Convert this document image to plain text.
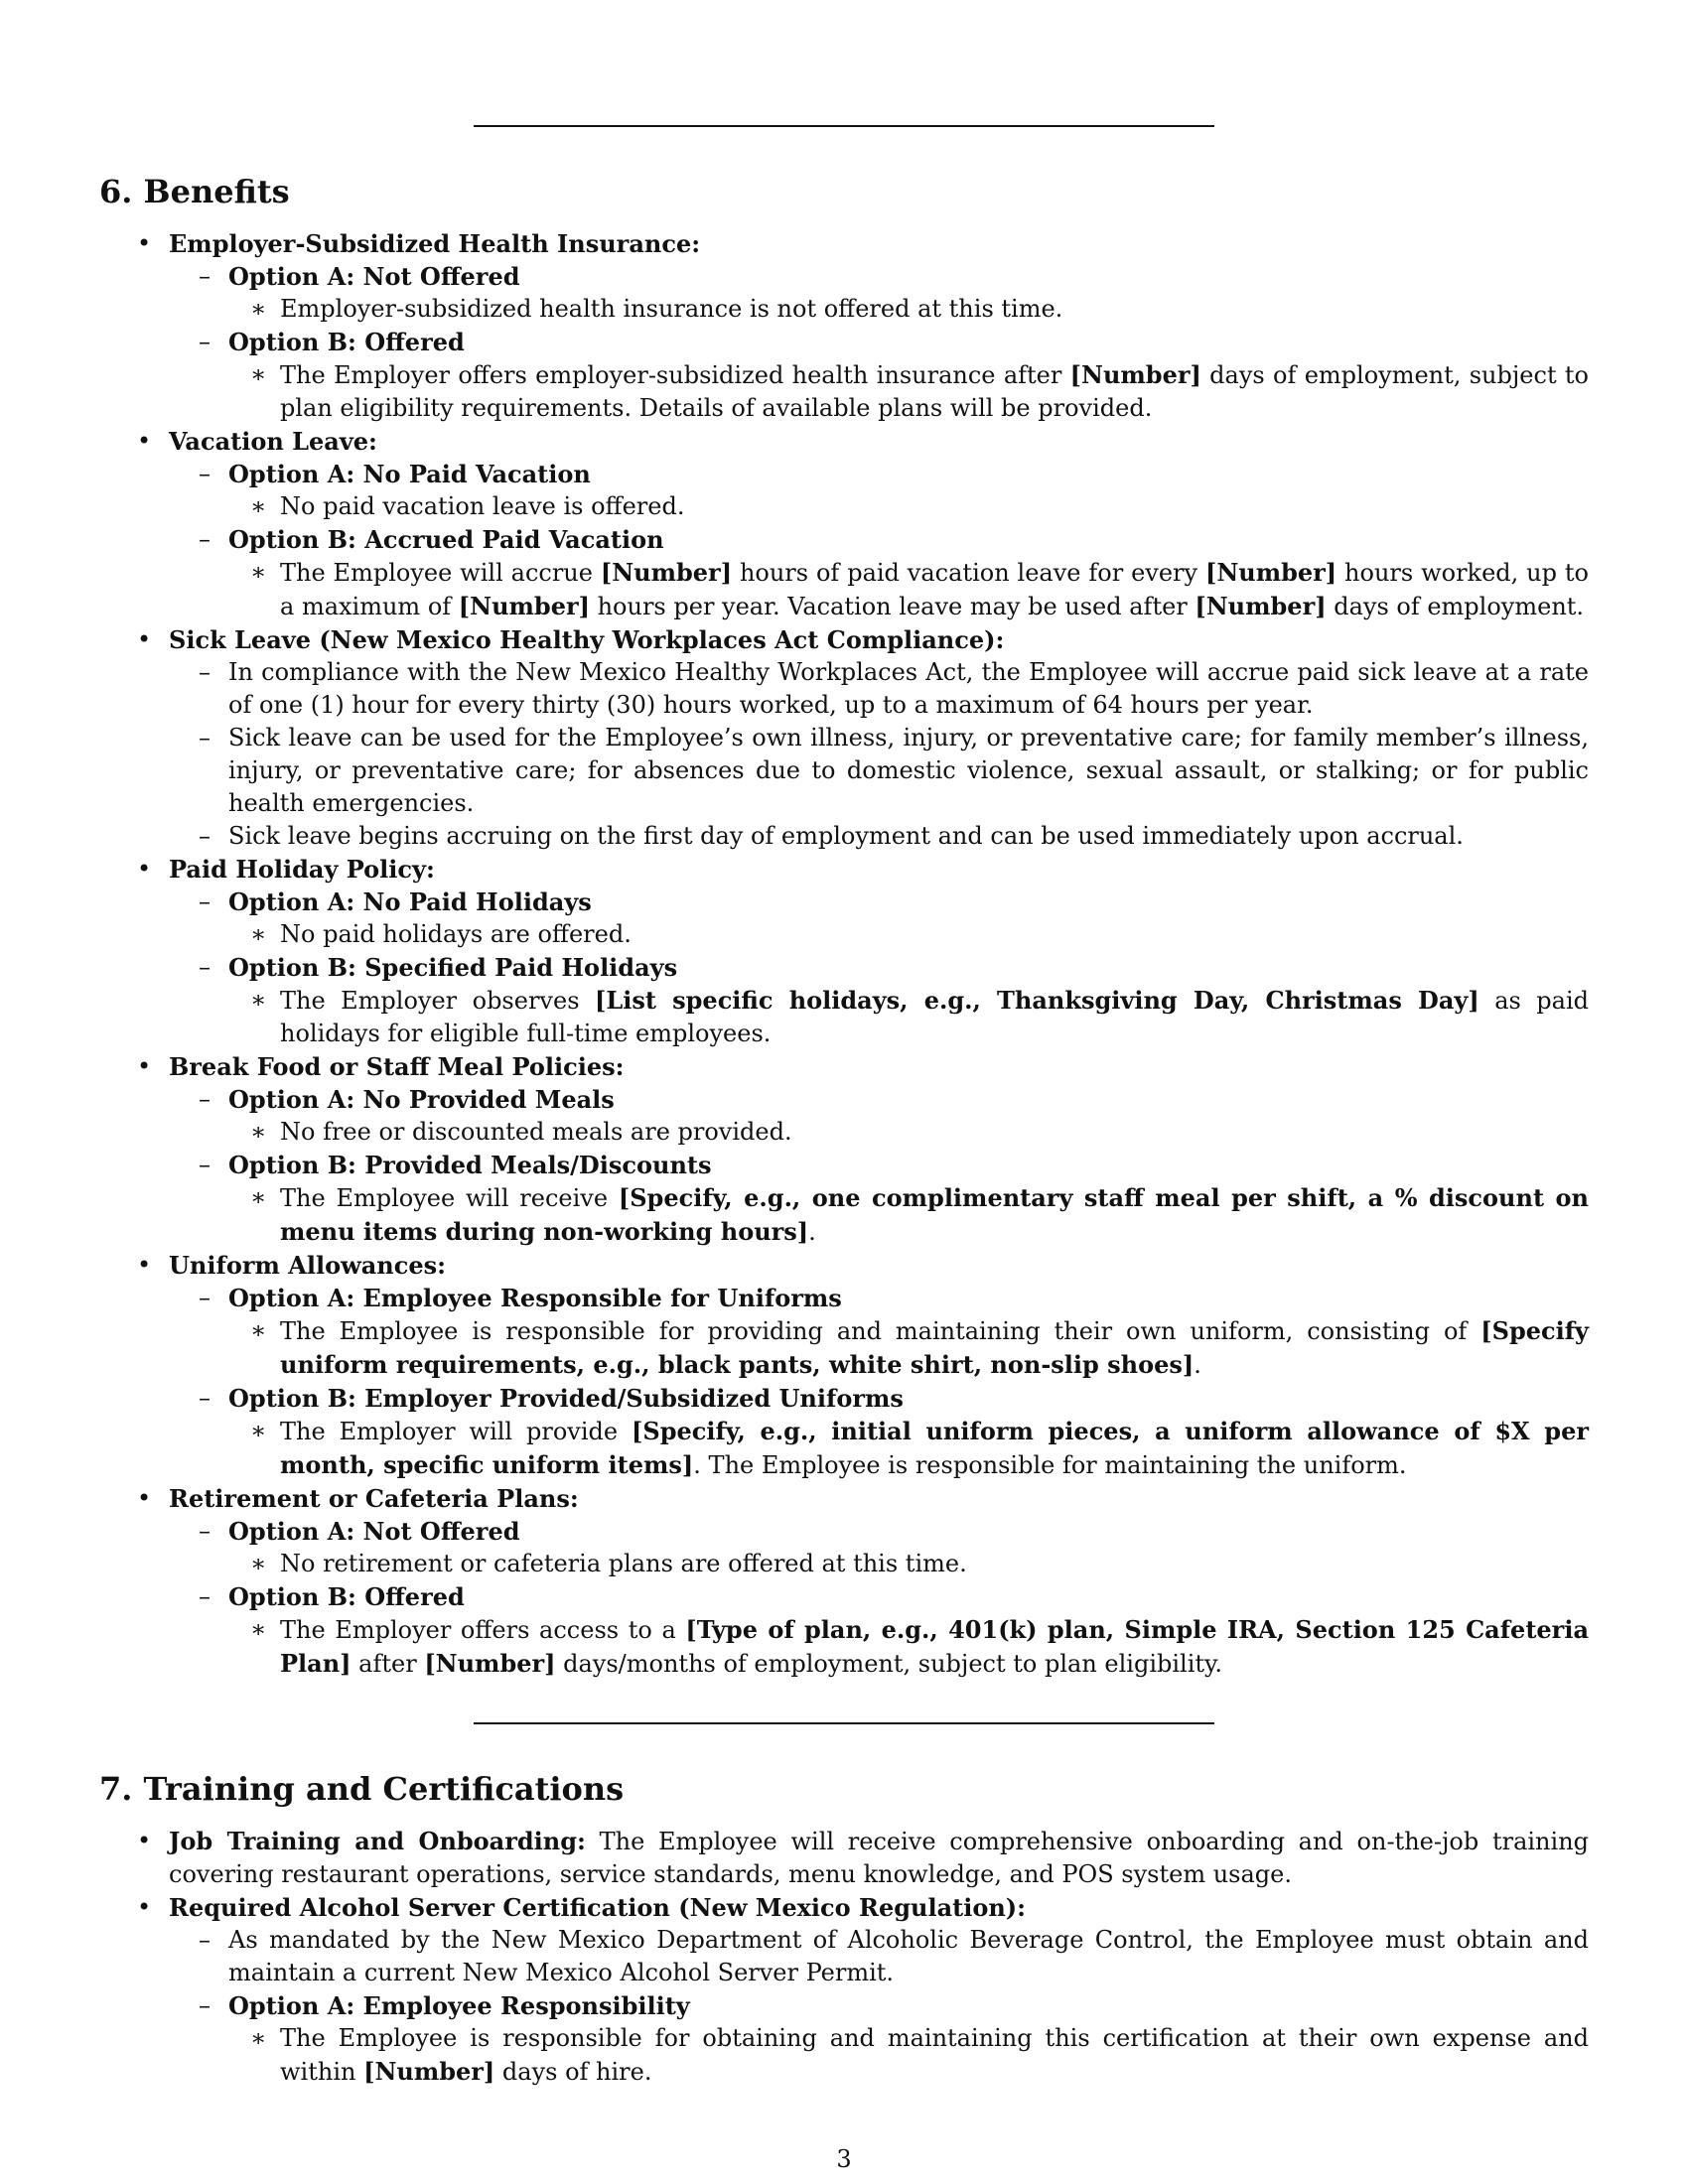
6. Benefits
• Employer-Subsidized Health Insurance:
– Option A: Not Offered
∗ Employer-subsidized health insurance is not offered at this time.
– Option B: Offered
∗ The Employer offers employer-subsidized health insurance after [Number] days of employment, subject to plan eligibility requirements. Details of available plans will be provided.
• Vacation Leave:
– Option A: No Paid Vacation
∗ No paid vacation leave is offered.
– Option B: Accrued Paid Vacation
∗ The Employee will accrue [Number] hours of paid vacation leave for every [Number] hours worked, up to a maximum of [Number] hours per year. Vacation leave may be used after [Number] days of employment.
• Sick Leave (New Mexico Healthy Workplaces Act Compliance):
– In compliance with the New Mexico Healthy Workplaces Act, the Employee will accrue paid sick leave at a rate of one (1) hour for every thirty (30) hours worked, up to a maximum of 64 hours per year.
– Sick leave can be used for the Employee’s own illness, injury, or preventative care; for family member’s illness, injury, or preventative care; for absences due to domestic violence, sexual assault, or stalking; or for public health emergencies.
– Sick leave begins accruing on the first day of employment and can be used immediately upon accrual.
• Paid Holiday Policy:
– Option A: No Paid Holidays
∗ No paid holidays are offered.
– Option B: Specified Paid Holidays
∗ The Employer observes [List specific holidays, e.g., Thanksgiving Day, Christmas Day] as paid holidays for eligible full-time employees.
• Break Food or Staff Meal Policies:
– Option A: No Provided Meals
∗ No free or discounted meals are provided.
– Option B: Provided Meals/Discounts
∗ The Employee will receive [Specify, e.g., one complimentary staff meal per shift, a % discount on menu items during non-working hours].
• Uniform Allowances:
– Option A: Employee Responsible for Uniforms
∗ The Employee is responsible for providing and maintaining their own uniform, consisting of [Specify uniform requirements, e.g., black pants, white shirt, non-slip shoes].
– Option B: Employer Provided/Subsidized Uniforms
∗ The Employer will provide [Specify, e.g., initial uniform pieces, a uniform allowance of $X per month, specific uniform items]. The Employee is responsible for maintaining the uniform.
• Retirement or Cafeteria Plans:
– Option A: Not Offered
∗ No retirement or cafeteria plans are offered at this time.
– Option B: Offered
∗ The Employer offers access to a [Type of plan, e.g., 401(k) plan, Simple IRA, Section 125 Cafeteria Plan] after [Number] days/months of employment, subject to plan eligibility.
7. Training and Certifications
• Job Training and Onboarding: The Employee will receive comprehensive onboarding and on-the-job training covering restaurant operations, service standards, menu knowledge, and POS system usage.
• Required Alcohol Server Certification (New Mexico Regulation):
– As mandated by the New Mexico Department of Alcoholic Beverage Control, the Employee must obtain and maintain a current New Mexico Alcohol Server Permit.
– Option A: Employee Responsibility
∗ The Employee is responsible for obtaining and maintaining this certification at their own expense and within [Number] days of hire.
3
